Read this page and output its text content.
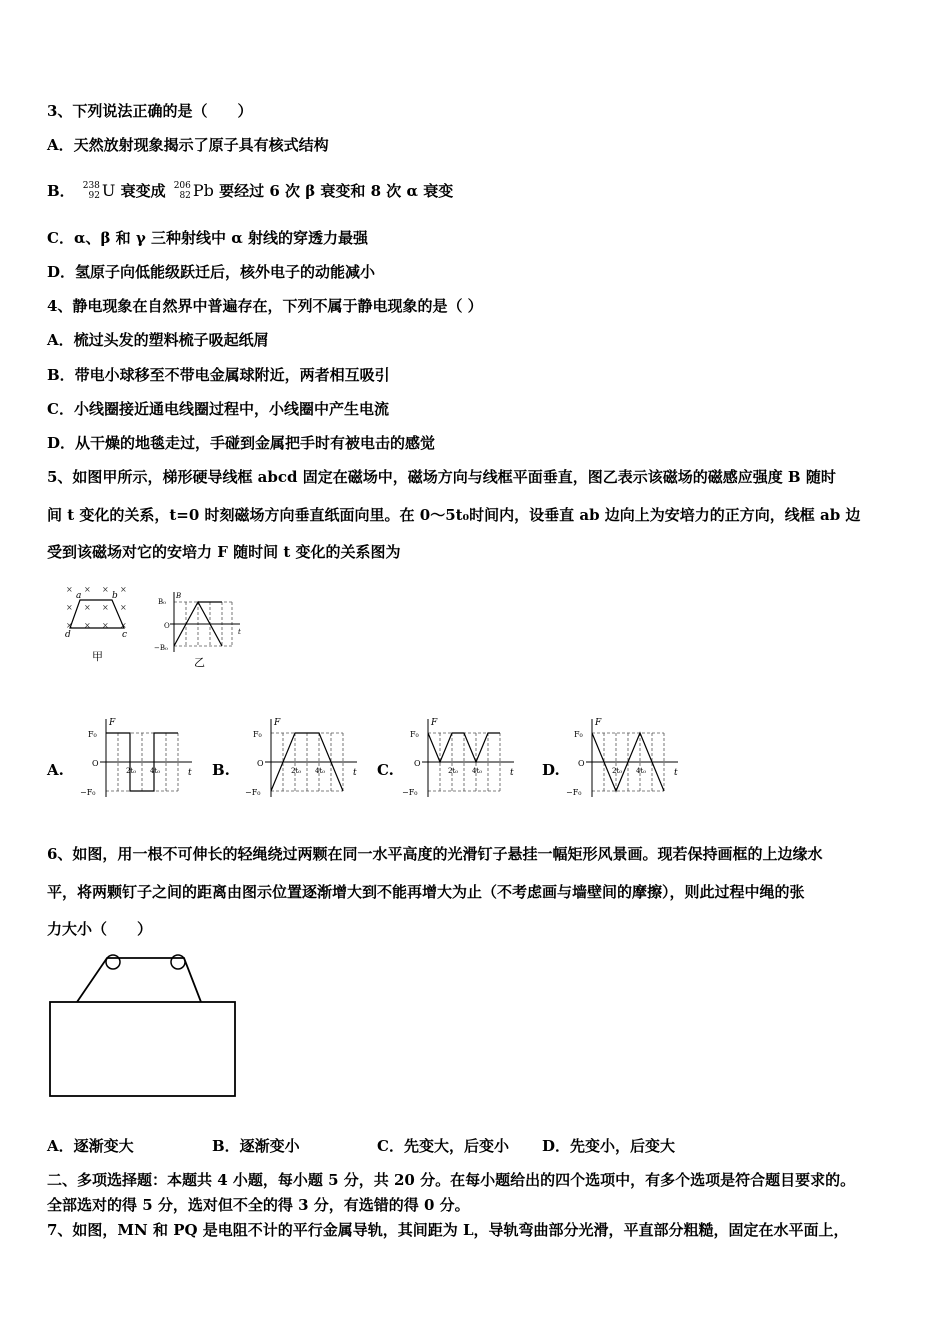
3、下列说法正确的是（　　）
A．天然放射现象揭示了原子具有核式结构
B． 238
92 U 衰变成 206
82 Pb 要经过 6 次 β 衰变和 8 次 α 衰变
C．α、β 和 γ 三种射线中 α 射线的穿透力最强
D．氢原子向低能级跃迁后，核外电子的动能减小
4、静电现象在自然界中普遍存在，下列不属于静电现象的是（ ）
A．梳过头发的塑料梳子吸起纸屑
B．带电小球移至不带电金属球附近，两者相互吸引
C．小线圈接近通电线圈过程中，小线圈中产生电流
D．从干燥的地毯走过，手碰到金属把手时有被电击的感觉
5、如图甲所示，梯形硬导线框 abcd 固定在磁场中，磁场方向与线框平面垂直，图乙表示该磁场的磁感应强度 B 随时
间 t 变化的关系，t=0 时刻磁场方向垂直纸面向里。在 0～5t₀时间内，设垂直 ab 边向上为安培力的正方向，线框 ab 边
受到该磁场对它的安培力 F 随时间 t 变化的关系图为
× × × ×
× × × ×
× × × ×
a	b
c
d
甲
B
B₀
O
−B₀
t
乙
A.	B.	C.	D.
F
F₀
O
−F₀
2t₀ 4t₀	t
F
F₀
O
−F₀
2t₀ 4t₀	t
F
F₀
O
−F₀
2t₀ 4t₀	t
F
F₀
O
−F₀
2t₀ 4t₀	t
6、如图，用一根不可伸长的轻绳绕过两颗在同一水平高度的光滑钉子悬挂一幅矩形风景画。现若保持画框的上边缘水
平，将两颗钉子之间的距离由图示位置逐渐增大到不能再增大为止（不考虑画与墙壁间的摩擦），则此过程中绳的张
力大小（　　）
A．逐渐变大	B．逐渐变小	C．先变大，后变小 D．先变小，后变大
二、多项选择题：本题共 4 小题，每小题 5 分，共 20 分。在每小题给出的四个选项中，有多个选项是符合题目要求的。
全部选对的得 5 分，选对但不全的得 3 分，有选错的得 0 分。
7、如图，MN 和 PQ 是电阻不计的平行金属导轨，其间距为 L，导轨弯曲部分光滑，平直部分粗糙，固定在水平面上，
